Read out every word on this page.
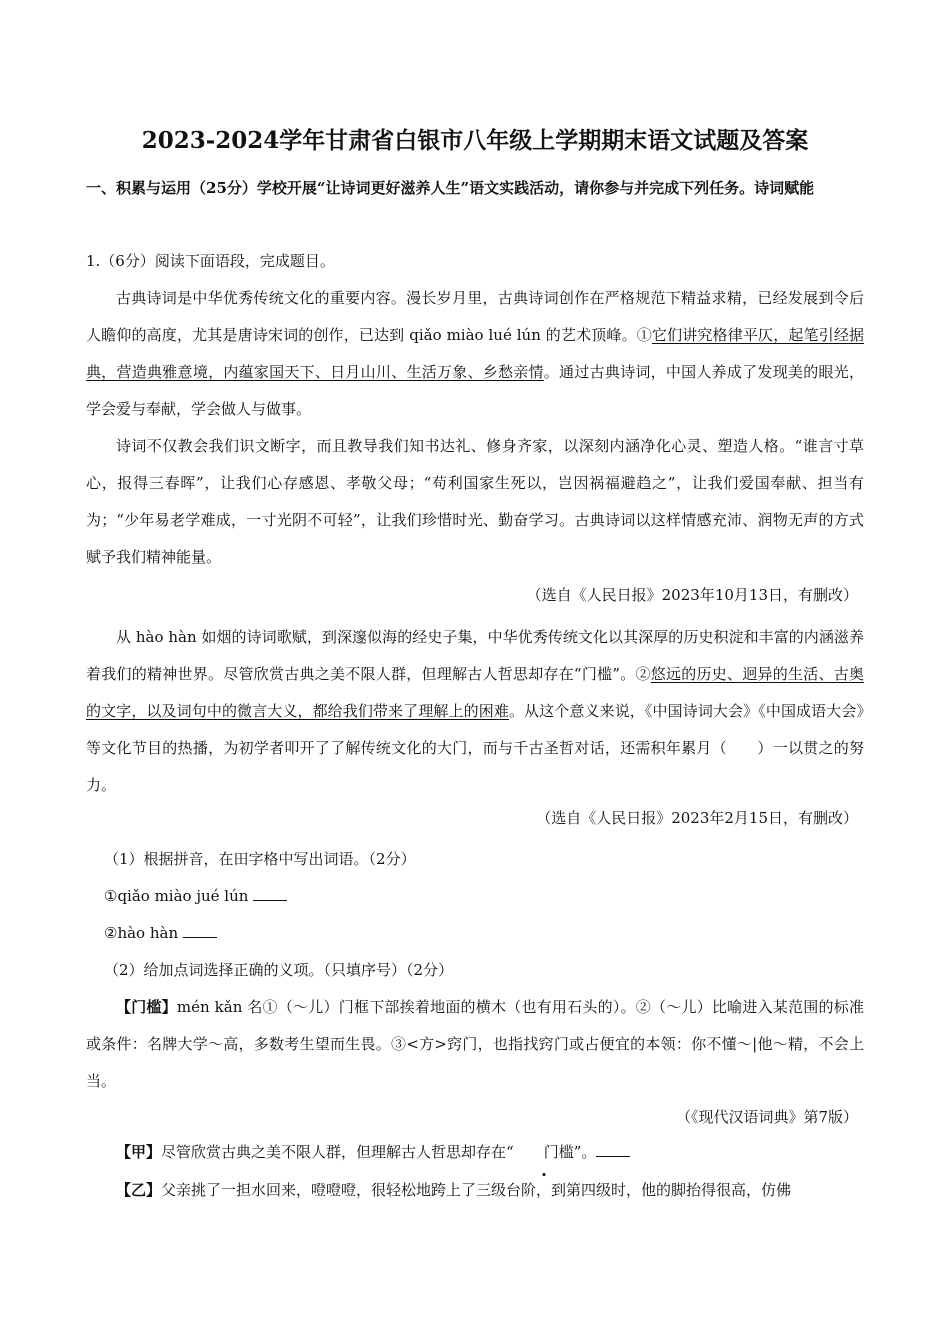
2023-2024学年甘肃省白银市八年级上学期期末语文试题及答案
一、积累与运用（25分）学校开展“让诗词更好滋养人生”语文实践活动，请你参与并完成下列任务。诗词赋能
1.（6分）阅读下面语段，完成题目。
古典诗词是中华优秀传统文化的重要内容。漫长岁月里，古典诗词创作在严格规范下精益求精，已经发展到令后人瞻仰的高度，尤其是唐诗宋词的创作，已达到 qiǎo miào lué lún 的艺术顶峰。①它们讲究格律平仄，起笔引经据典，营造典雅意境，内蕴家国天下、日月山川、生活万象、乡愁亲情。通过古典诗词，中国人养成了发现美的眼光，学会爱与奉献，学会做人与做事。
诗词不仅教会我们识文断字，而且教导我们知书达礼、修身齐家，以深刻内涵净化心灵、塑造人格。“谁言寸草心，报得三春晖”，让我们心存感恩、孝敬父母；“苟利国家生死以，岂因祸福避趋之”，让我们爱国奉献、担当有为；“少年易老学难成，一寸光阴不可轻”，让我们珍惜时光、勤奋学习。古典诗词以这样情感充沛、润物无声的方式赋予我们精神能量。
（选自《人民日报》2023年10月13日，有删改）
从 hào hàn 如烟的诗词歌赋，到深邃似海的经史子集，中华优秀传统文化以其深厚的历史积淀和丰富的内涵滋养着我们的精神世界。尽管欣赏古典之美不限人群，但理解古人哲思却存在“门槛”。②悠远的历史、迥异的生活、古奥的文字，以及词句中的微言大义，都给我们带来了理解上的困难。从这个意义来说，《中国诗词大会》《中国成语大会》等文化节目的热播，为初学者叩开了了解传统文化的大门，而与千古圣哲对话，还需积年累月（　　）一以贯之的努力。
（选自《人民日报》2023年2月15日，有删改）
（1）根据拼音，在田字格中写出词语。（2分）
①qiǎo miào jué lún
②hào hàn
（2）给加点词选择正确的义项。（只填序号）（2分）
【门槛】mén kǎn 名①（～儿）门框下部挨着地面的横木（也有用石头的）。②（～儿）比喻进入某范围的标准或条件：名牌大学～高，多数考生望而生畏。③<方>窍门，也指找窍门或占便宜的本领：你不懂～|他～精，不会上当。
（《现代汉语词典》第7版）
【甲】尽管欣赏古典之美不限人群，但理解古人哲思却存在“ 门槛”。
【乙】父亲挑了一担水回来，噔噔噔，很轻松地跨上了三级台阶，到第四级时，他的脚抬得很高，仿佛
